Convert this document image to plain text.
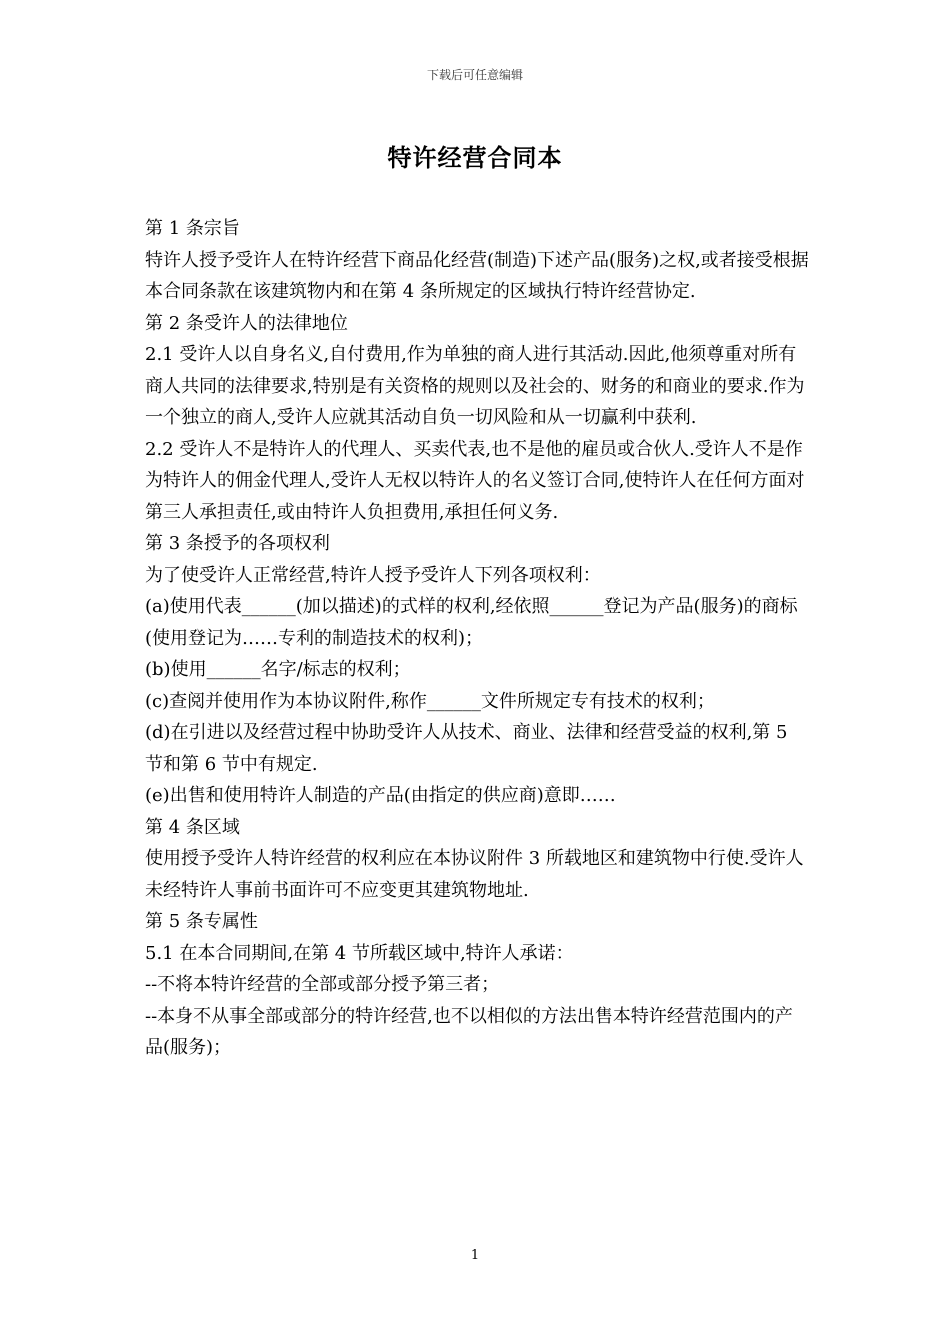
下载后可任意编辑
特许经营合同本

第 1 条宗旨

特许人授予受许人在特许经营下商品化经营(制造)下述产品(服务)之权,或者接受根据本合同条款在该建筑物内和在第 4 条所规定的区域执行特许经营协定.

第 2 条受许人的法律地位

2.1 受许人以自身名义,自付费用,作为单独的商人进行其活动.因此,他须尊重对所有商人共同的法律要求,特别是有关资格的规则以及社会的、财务的和商业的要求.作为一个独立的商人,受许人应就其活动自负一切风险和从一切赢利中获利.

2.2 受许人不是特许人的代理人、买卖代表,也不是他的雇员或合伙人.受许人不是作为特许人的佣金代理人,受许人无权以特许人的名义签订合同,使特许人在任何方面对第三人承担责任,或由特许人负担费用,承担任何义务.

第 3 条授予的各项权利

为了使受许人正常经营,特许人授予受许人下列各项权利：

(a)使用代表______(加以描述)的式样的权利,经依照______登记为产品(服务)的商标(使用登记为……专利的制造技术的权利)；

(b)使用______名字/标志的权利；

(c)查阅并使用作为本协议附件,称作______文件所规定专有技术的权利；

(d)在引进以及经营过程中协助受许人从技术、商业、法律和经营受益的权利,第 5 节和第 6 节中有规定.

(e)出售和使用特许人制造的产品(由指定的供应商)意即……

第 4 条区域

使用授予受许人特许经营的权利应在本协议附件 3 所载地区和建筑物中行使.受许人未经特许人事前书面许可不应变更其建筑物地址.

第 5 条专属性

5.1 在本合同期间,在第 4 节所载区域中,特许人承诺：

--不将本特许经营的全部或部分授予第三者；

--本身不从事全部或部分的特许经营,也不以相似的方法出售本特许经营范围内的产品(服务)；

1
